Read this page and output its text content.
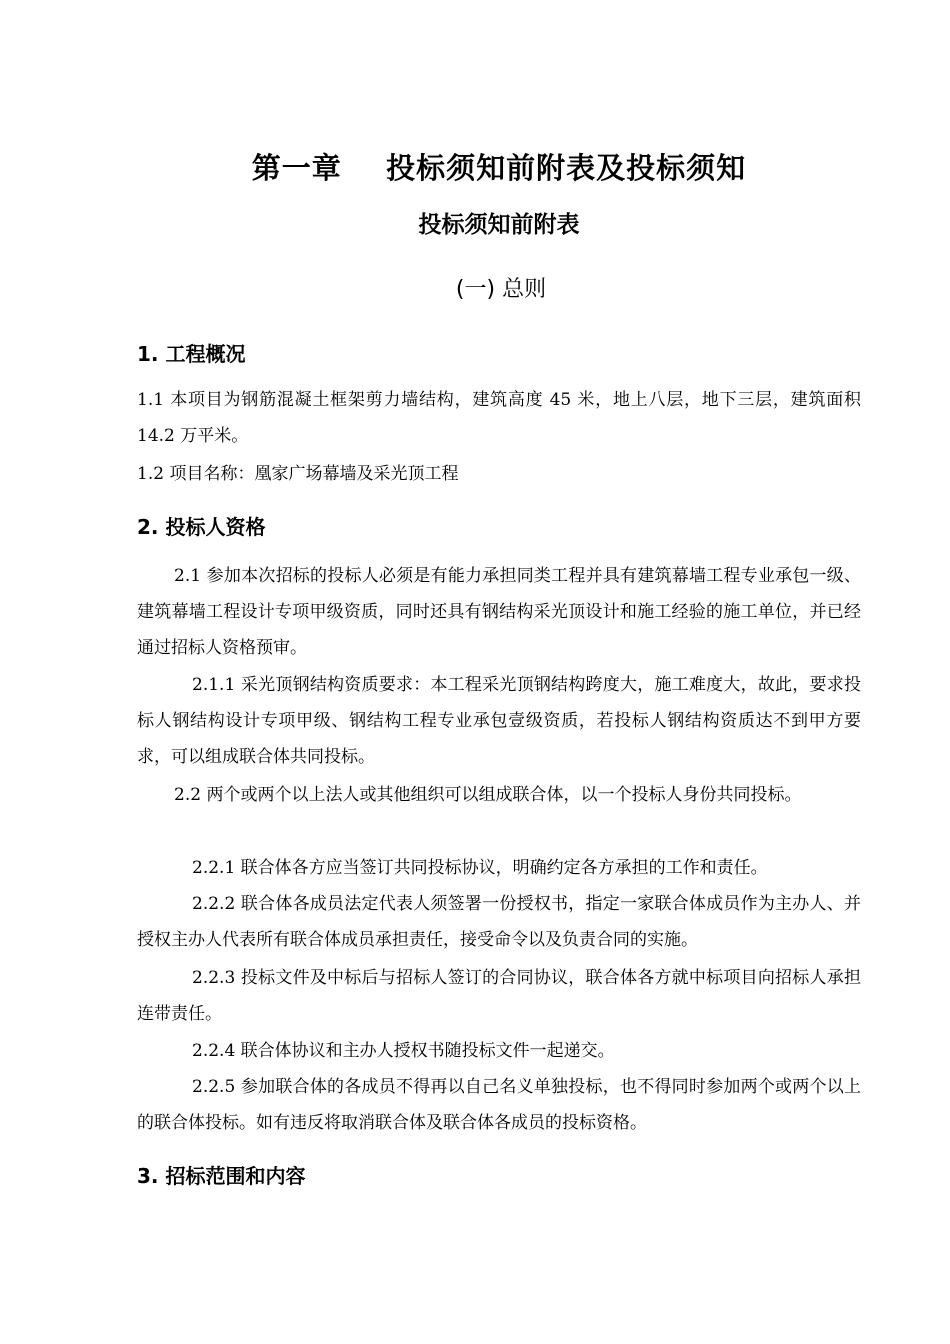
第一章    投标须知前附表及投标须知
投标须知前附表
(一) 总则
1. 工程概况
1.1 本项目为钢筋混凝土框架剪力墙结构，建筑高度 45 米，地上八层，地下三层，建筑面积 14.2 万平米。
1.2 项目名称：凰家广场幕墙及采光顶工程
2. 投标人资格
2.1 参加本次招标的投标人必须是有能力承担同类工程并具有建筑幕墙工程专业承包一级、建筑幕墙工程设计专项甲级资质，同时还具有钢结构采光顶设计和施工经验的施工单位，并已经通过招标人资格预审。
2.1.1 采光顶钢结构资质要求：本工程采光顶钢结构跨度大，施工难度大，故此，要求投标人钢结构设计专项甲级、钢结构工程专业承包壹级资质，若投标人钢结构资质达不到甲方要求，可以组成联合体共同投标。
2.2 两个或两个以上法人或其他组织可以组成联合体，以一个投标人身份共同投标。
2.2.1 联合体各方应当签订共同投标协议，明确约定各方承担的工作和责任。
2.2.2 联合体各成员法定代表人须签署一份授权书，指定一家联合体成员作为主办人、并授权主办人代表所有联合体成员承担责任，接受命令以及负责合同的实施。
2.2.3 投标文件及中标后与招标人签订的合同协议，联合体各方就中标项目向招标人承担连带责任。
2.2.4 联合体协议和主办人授权书随投标文件一起递交。
2.2.5 参加联合体的各成员不得再以自己名义单独投标，也不得同时参加两个或两个以上的联合体投标。如有违反将取消联合体及联合体各成员的投标资格。
3. 招标范围和内容
